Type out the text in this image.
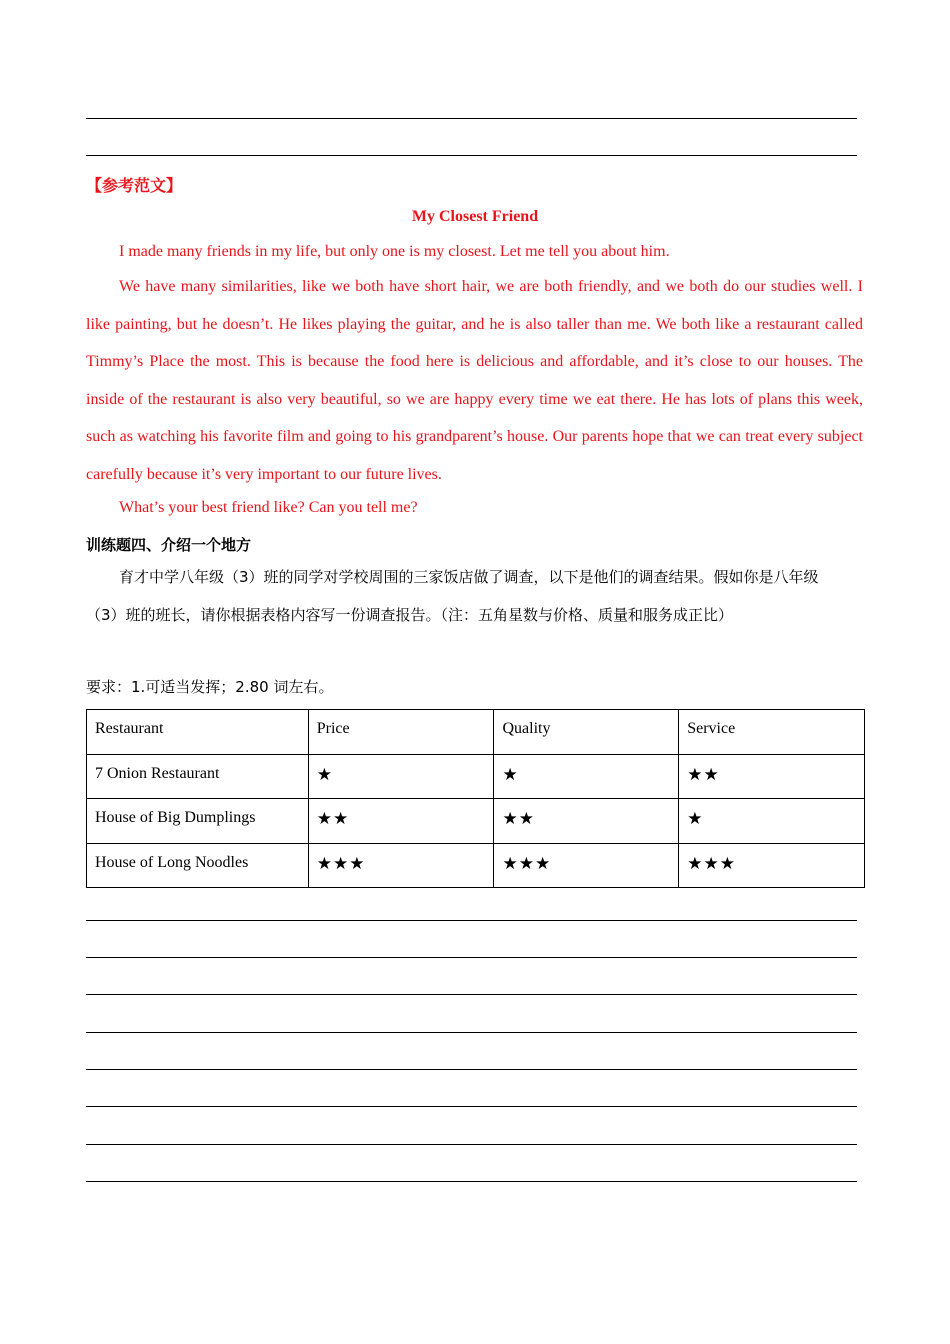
【参考范文】
My Closest Friend

I made many friends in my life, but only one is my closest. Let me tell you about him.

We have many similarities, like we both have short hair, we are both friendly, and we both do our studies well. I like painting, but he doesn’t. He likes playing the guitar, and he is also taller than me. We both like a restaurant called Timmy’s Place the most. This is because the food here is delicious and affordable, and it’s close to our houses. The inside of the restaurant is also very beautiful, so we are happy every time we eat there. He has lots of plans this week, such as watching his favorite film and going to his grandparent’s house. Our parents hope that we can treat every subject carefully because it’s very important to our future lives.

What’s your best friend like? Can you tell me?

训练题四、介绍一个地方

育才中学八年级（3）班的同学对学校周围的三家饭店做了调查，以下是他们的调查结果。假如你是八年级（3）班的班长，请你根据表格内容写一份调查报告。（注：五角星数与价格、质量和服务成正比）

要求：1.可适当发挥；2.80 词左右。
Restaurant	Price	Quality	Service
7 Onion Restaurant	★	★	★★
House of Big Dumplings	★★	★★	★
House of Long Noodles	★★★	★★★	★★★
